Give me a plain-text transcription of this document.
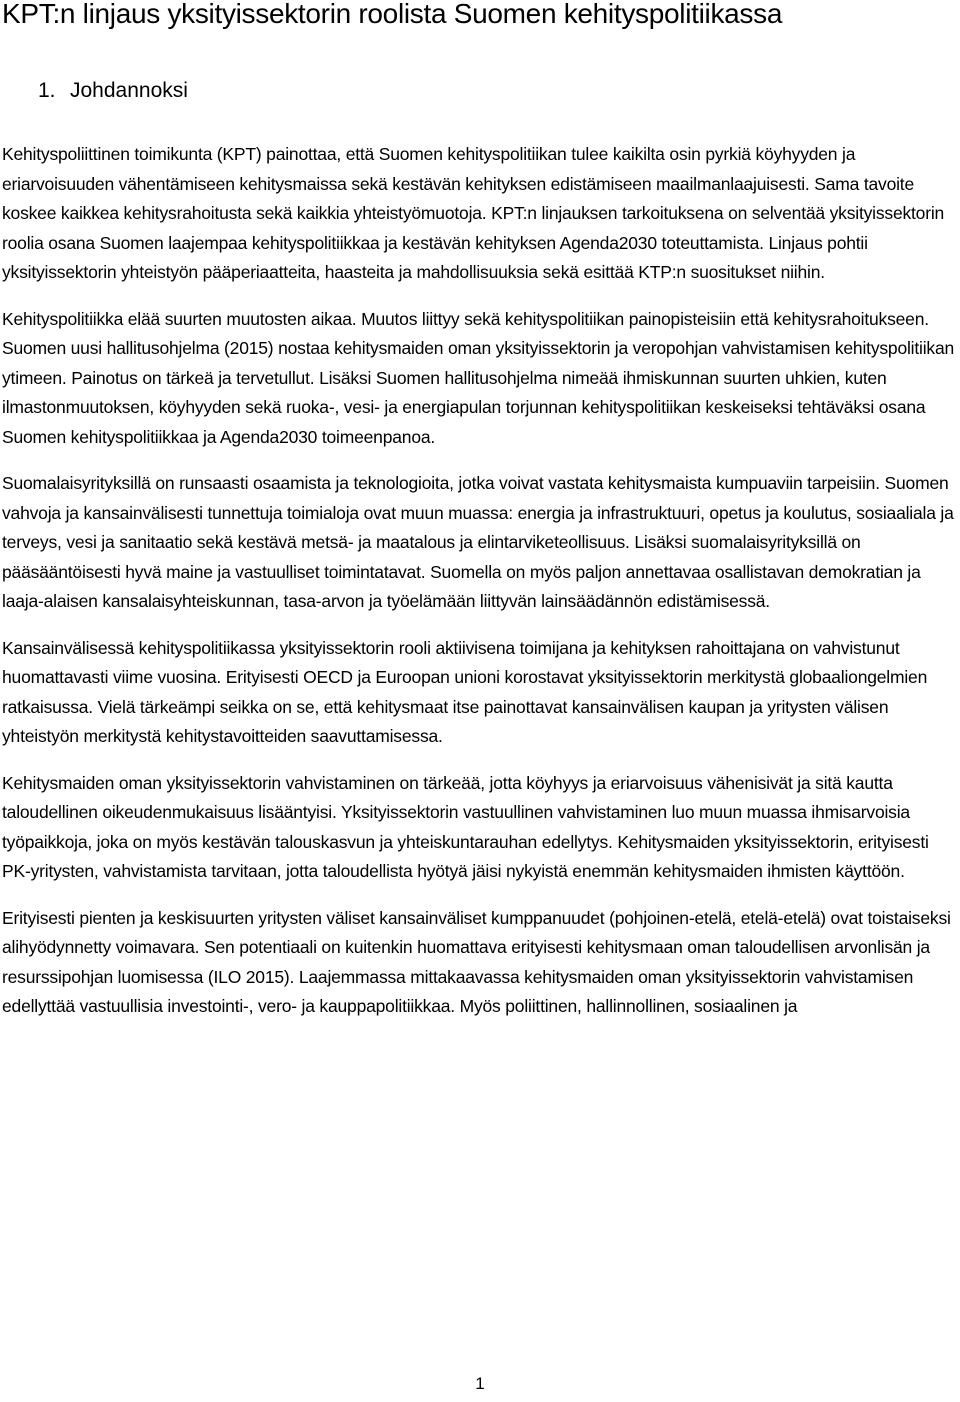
KPT:n linjaus yksityissektorin roolista Suomen kehityspolitiikassa
1. Johdannoksi

Kehityspoliittinen toimikunta (KPT) painottaa, että Suomen kehityspolitiikan tulee kaikilta osin pyrkiä köyhyyden ja eriarvoisuuden vähentämiseen kehitysmaissa sekä kestävän kehityksen edistämiseen maailmanlaajuisesti. Sama tavoite koskee kaikkea kehitysrahoitusta sekä kaikkia yhteistyömuotoja. KPT:n linjauksen tarkoituksena on selventää yksityissektorin roolia osana Suomen laajempaa kehityspolitiikkaa ja kestävän kehityksen Agenda2030 toteuttamista. Linjaus pohtii yksityissektorin yhteistyön pääperiaatteita, haasteita ja mahdollisuuksia sekä esittää KTP:n suositukset niihin.

Kehityspolitiikka elää suurten muutosten aikaa. Muutos liittyy sekä kehityspolitiikan painopisteisiin että kehitysrahoitukseen. Suomen uusi hallitusohjelma (2015) nostaa kehitysmaiden oman yksityissektorin ja veropohjan vahvistamisen kehityspolitiikan ytimeen. Painotus on tärkeä ja tervetullut. Lisäksi Suomen hallitusohjelma nimeää ihmiskunnan suurten uhkien, kuten ilmastonmuutoksen, köyhyyden sekä ruoka-, vesi- ja energiapulan torjunnan kehityspolitiikan keskeiseksi tehtäväksi osana Suomen kehityspolitiikkaa ja Agenda2030 toimeenpanoa.

Suomalaisyrityksillä on runsaasti osaamista ja teknologioita, jotka voivat vastata kehitysmaista kumpuaviin tarpeisiin. Suomen vahvoja ja kansainvälisesti tunnettuja toimialoja ovat muun muassa: energia ja infrastruktuuri, opetus ja koulutus, sosiaaliala ja terveys, vesi ja sanitaatio sekä kestävä metsä- ja maatalous ja elintarviketeollisuus. Lisäksi suomalaisyrityksillä on pääsääntöisesti hyvä maine ja vastuulliset toimintatavat. Suomella on myös paljon annettavaa osallistavan demokratian ja laaja-alaisen kansalaisyhteiskunnan, tasa-arvon ja työelämään liittyvän lainsäädännön edistämisessä.

Kansainvälisessä kehityspolitiikassa yksityissektorin rooli aktiivisena toimijana ja kehityksen rahoittajana on vahvistunut huomattavasti viime vuosina. Erityisesti OECD ja Euroopan unioni korostavat yksityissektorin merkitystä globaaliongelmien ratkaisussa. Vielä tärkeämpi seikka on se, että kehitysmaat itse painottavat kansainvälisen kaupan ja yritysten välisen yhteistyön merkitystä kehitystavoitteiden saavuttamisessa.

Kehitysmaiden oman yksityissektorin vahvistaminen on tärkeää, jotta köyhyys ja eriarvoisuus vähenisivät ja sitä kautta taloudellinen oikeudenmukaisuus lisääntyisi. Yksityissektorin vastuullinen vahvistaminen luo muun muassa ihmisarvoisia työpaikkoja, joka on myös kestävän talouskasvun ja yhteiskuntarauhan edellytys. Kehitysmaiden yksityissektorin, erityisesti PK-yritysten, vahvistamista tarvitaan, jotta taloudellista hyötyä jäisi nykyistä enemmän kehitysmaiden ihmisten käyttöön.

Erityisesti pienten ja keskisuurten yritysten väliset kansainväliset kumppanuudet (pohjoinen-etelä, etelä-etelä) ovat toistaiseksi alihyödynnetty voimavara. Sen potentiaali on kuitenkin huomattava erityisesti kehitysmaan oman taloudellisen arvonlisän ja resurssipohjan luomisessa (ILO 2015). Laajemmassa mittakaavassa kehitysmaiden oman yksityissektorin vahvistamisen edellyttää vastuullisia investointi-, vero- ja kauppapolitiikkaa. Myös poliittinen, hallinnollinen, sosiaalinen ja

1
